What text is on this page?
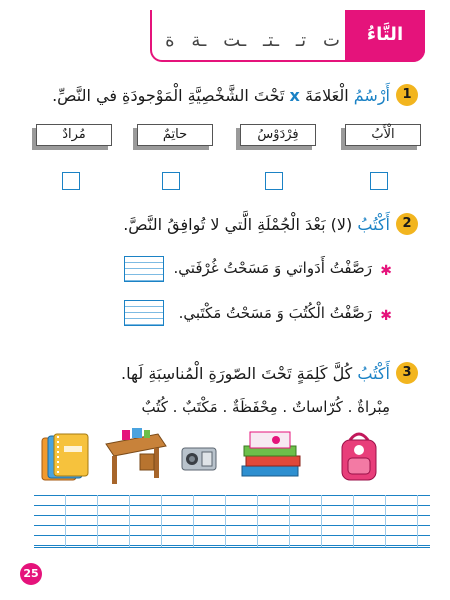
التَّاءُ
ت
تـ
ـتـ
ـت
ـة
ة
1
أَرْسُمُ الْعَلامَةَ x تَحْتَ الشَّخْصِيَّةِ الْمَوْجودَةِ في النَّصِّ.
الْأَبُ
فِرْدَوْسُ
حاتِمٌ
مُرادٌ
2
أَكْتُبُ (لا) بَعْدَ الْجُمْلَةِ الَّتي لا تُوافِقُ النَّصَّ.
✱
رَصَّفْتُ أَدَواتي وَ مَسَحْتُ غُرْفَتي.
✱
رَصَّفْتُ الْكُتُبَ وَ مَسَحْتُ مَكْتَبي.
3
أَكْتُبُ كُلَّ كَلِمَةٍ تَحْتَ الصّورَةِ الْمُناسِبَةِ لَها.
مِبْراةٌ . كُرّاساتٌ . مِحْفَظَةٌ . مَكْتَبٌ . كُتُبٌ
25
